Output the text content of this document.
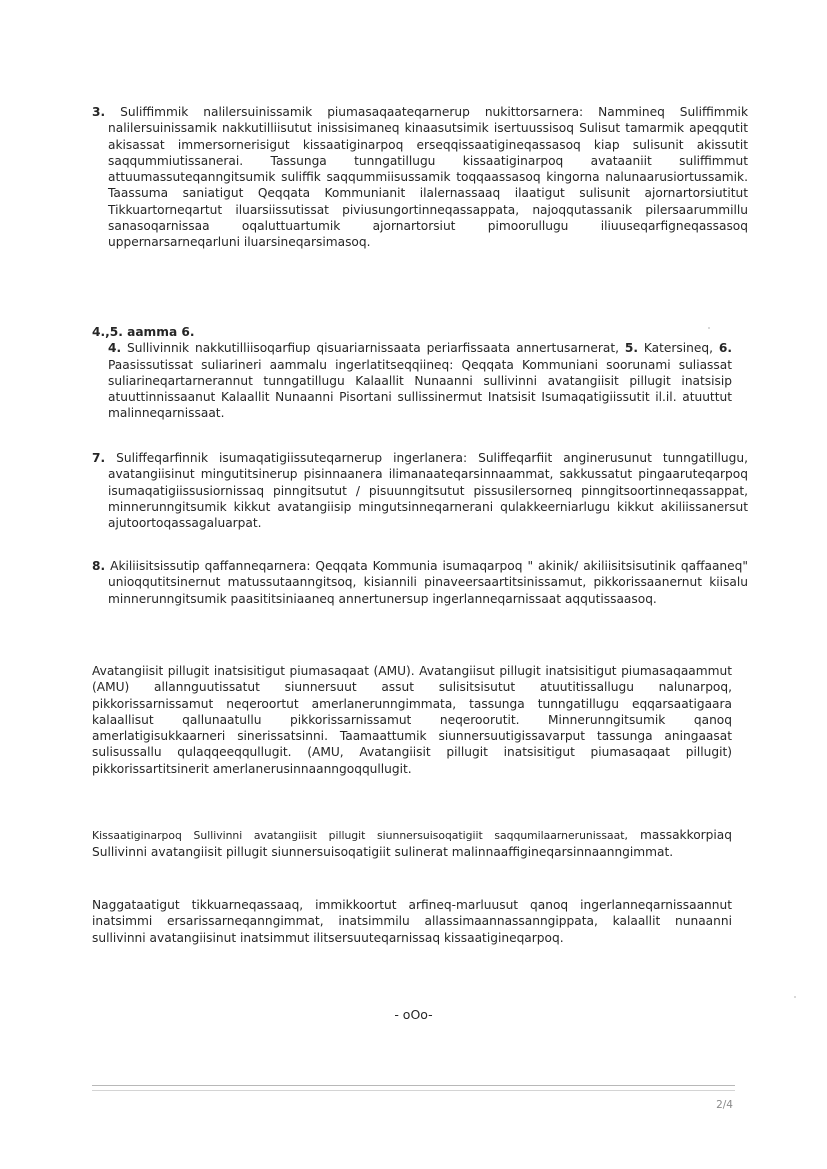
3. Suliffimmik nalilersuinissamik piumasaqaateqarnerup nukittorsarnera: Nammineq Suliffimmik nalilersuinissamik nakkutilliisutut inissisimaneq kinaasutsimik isertuussisoq Sulisut tamarmik apeqqutit akisassat immersornerisigut kissaatiginarpoq erseqqissaatigineqassasoq kiap sulisunit akissutit saqqummiutissanerai. Tassunga tunngatillugu kissaatiginarpoq avataaniit suliffimmut attuumassuteqanngitsumik suliffik saqqummiisussamik toqqaassasoq kingorna nalunaarusiortussamik. Taassuma saniatigut Qeqqata Kommunianit ilalernassaaq ilaatigut sulisunit ajornartorsiutitut Tikkuartorneqartut iluarsiissutissat piviusungortinneqassappata, najoqqutassanik pilersaarummillu sanasoqarnissaa oqaluttuartumik ajornartorsiut pimoorullugu iliuuseqarfigneqassasoq uppernarsarneqarluni iluarsineqarsimasoq.
4.,5. aamma 6.
4. Sullivinnik nakkutilliisoqarfiup qisuariarnissaata periarfissaata annertusarnerat, 5. Katersineq, 6. Paasissutissat suliarineri aammalu ingerlatitseqqiineq: Qeqqata Kommuniani soorunami suliassat suliarineqartarnerannut tunngatillugu Kalaallit Nunaanni sullivinni avatangiisit pillugit inatsisip atuuttinnissaanut Kalaallit Nunaanni Pisortani sullissinermut Inatsisit Isumaqatigiissutit il.il. atuuttut malinneqarnissaat.
7. Suliffeqarfinnik isumaqatigiissuteqarnerup ingerlanera: Suliffeqarfiit anginerusunut tunngatillugu, avatangiisinut mingutitsinerup pisinnaanera ilimanaateqarsinnaammat, sakkussatut pingaaruteqarpoq isumaqatigiissusiornissaq pinngitsutut / pisuunngitsutut pissusilersorneq pinngitsoortinneqassappat, minnerunngitsumik kikkut avatangiisip mingutsinneqarnerani qulakkeerniarlugu kikkut akiliissanersut ajutoortoqassagaluarpat.
8. Akiliisitsissutip qaffanneqarnera: Qeqqata Kommunia isumaqarpoq " akinik/ akiliisitsisutinik qaffaaneq" unioqqutitsinernut matussutaanngitsoq, kisiannili pinaveersaartitsinissamut, pikkorissaanernut kiisalu minnerunngitsumik paasititsiniaaneq annertunersup ingerlanneqarnissaat aqqutissaasoq.
Avatangiisit pillugit inatsisitigut piumasaqaat (AMU). Avatangiisut pillugit inatsisitigut piumasaqaammut (AMU) allannguutissatut siunnersuut assut sulisitsisutut atuutitissallugu nalunarpoq, pikkorissarnissamut neqeroortut amerlanerunngimmata, tassunga tunngatillugu eqqarsaatigaara kalaallisut qallunaatullu pikkorissarnissamut neqeroorutit. Minnerunngitsumik qanoq amerlatigisukkaarneri sinerissatsinni. Taamaattumik siunnersuutigissavarput tassunga aningaasat sulisussallu qulaqqeeqqullugit. (AMU, Avatangiisit pillugit inatsisitigut piumasaqaat pillugit) pikkorissartitsinerit amerlanerusinnaanngoqqullugit.
Kissaatiginarpoq Sullivinni avatangiisit pillugit siunnersuisoqatigiit saqqumilaarnerunissaat, massakkorpiaq Sullivinni avatangiisit pillugit siunnersuisoqatigiit sulinerat malinnaaffigineqarsinnaanngimmat.
Naggataatigut tikkuarneqassaaq, immikkoortut arfineq-marluusut qanoq ingerlanneqarnissaannut inatsimmi ersarissarneqanngimmat, inatsimmilu allassimaannassanngippata, kalaallit nunaanni sullivinni avatangiisinut inatsimmut ilitsersuuteqarnissaq kissaatigineqarpoq.
- oOo-
2/4
